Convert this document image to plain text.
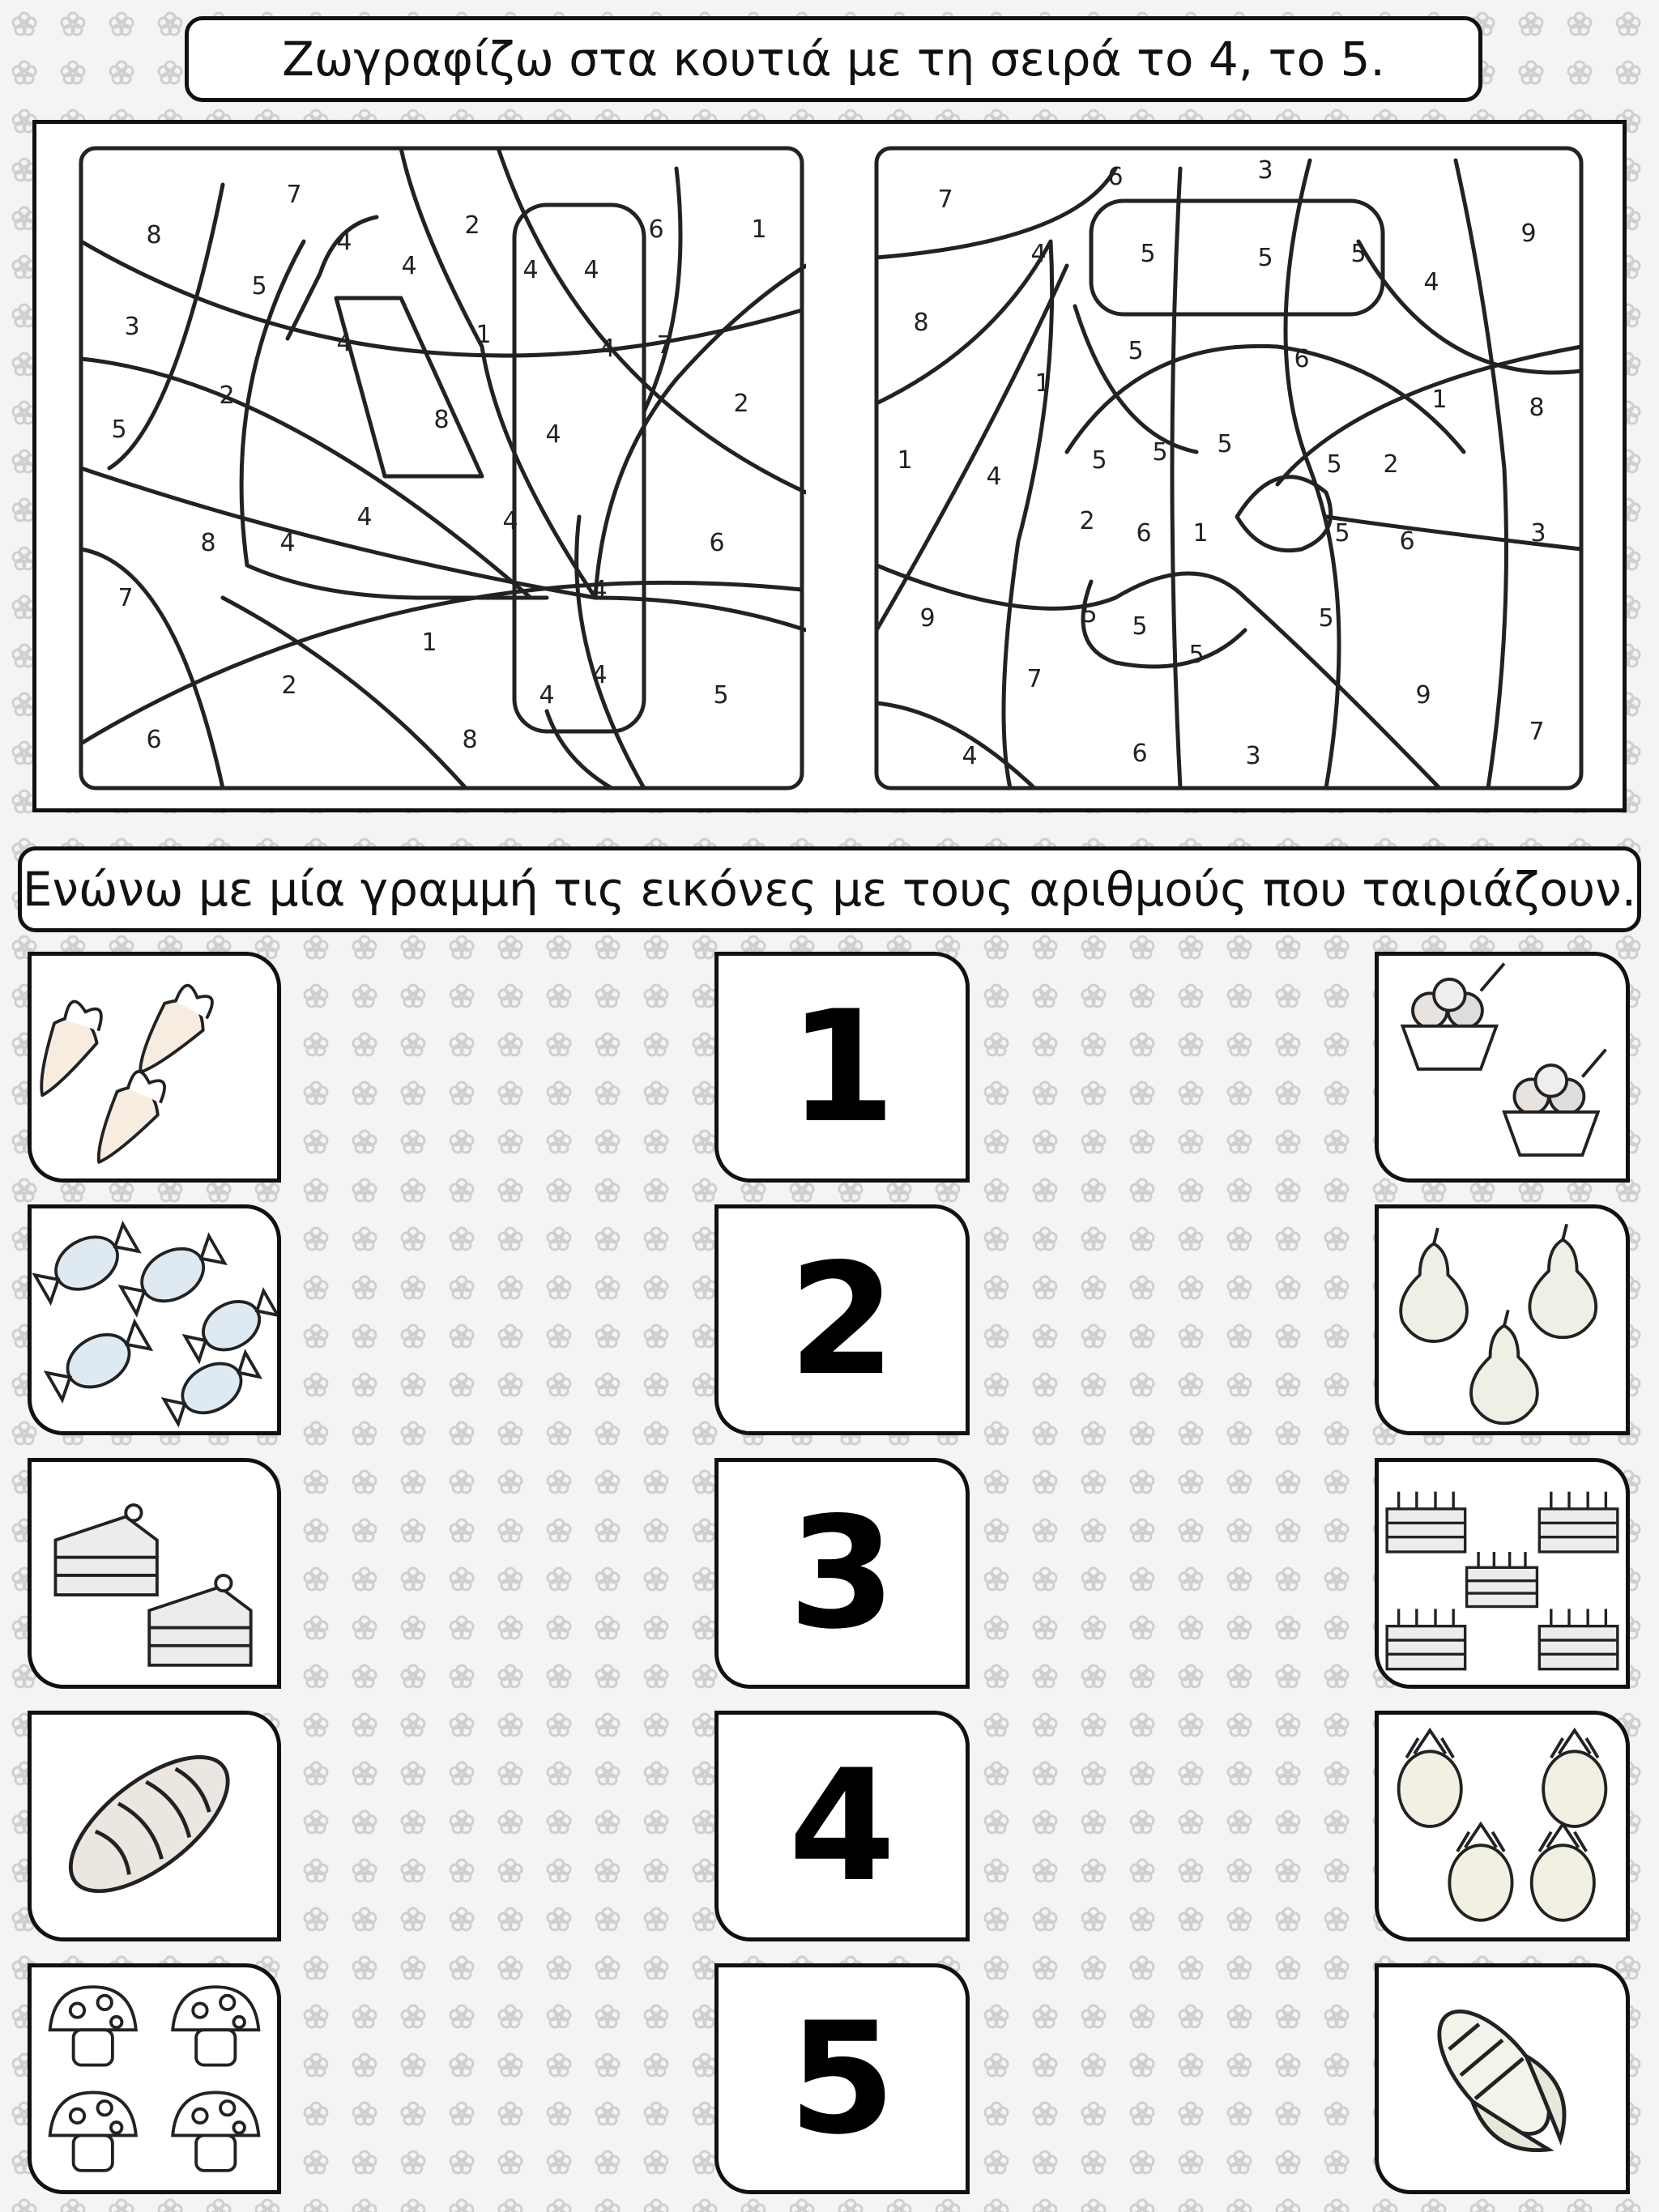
Ζωγραφίζω στα κουτιά με τη σειρά το 4, το 5.
7
8	4
4
2	6	1
5
4 4
3
4	1	4 7
2
5
2
8
4
4
8	4
4
6
7	4
1
4
2	4	5
6	8
6	3
7
9
4	5	5	5
4
8
5	6
1
1	8
1	5 5 5
5 2
4
2 6 1	5 6	3
9	5 5
5
5
7
9
7
4	6	3
Ενώνω με μία γραμμή τις εικόνες με τους αριθμούς που ταιριάζουν.
1
2
3
4
5
